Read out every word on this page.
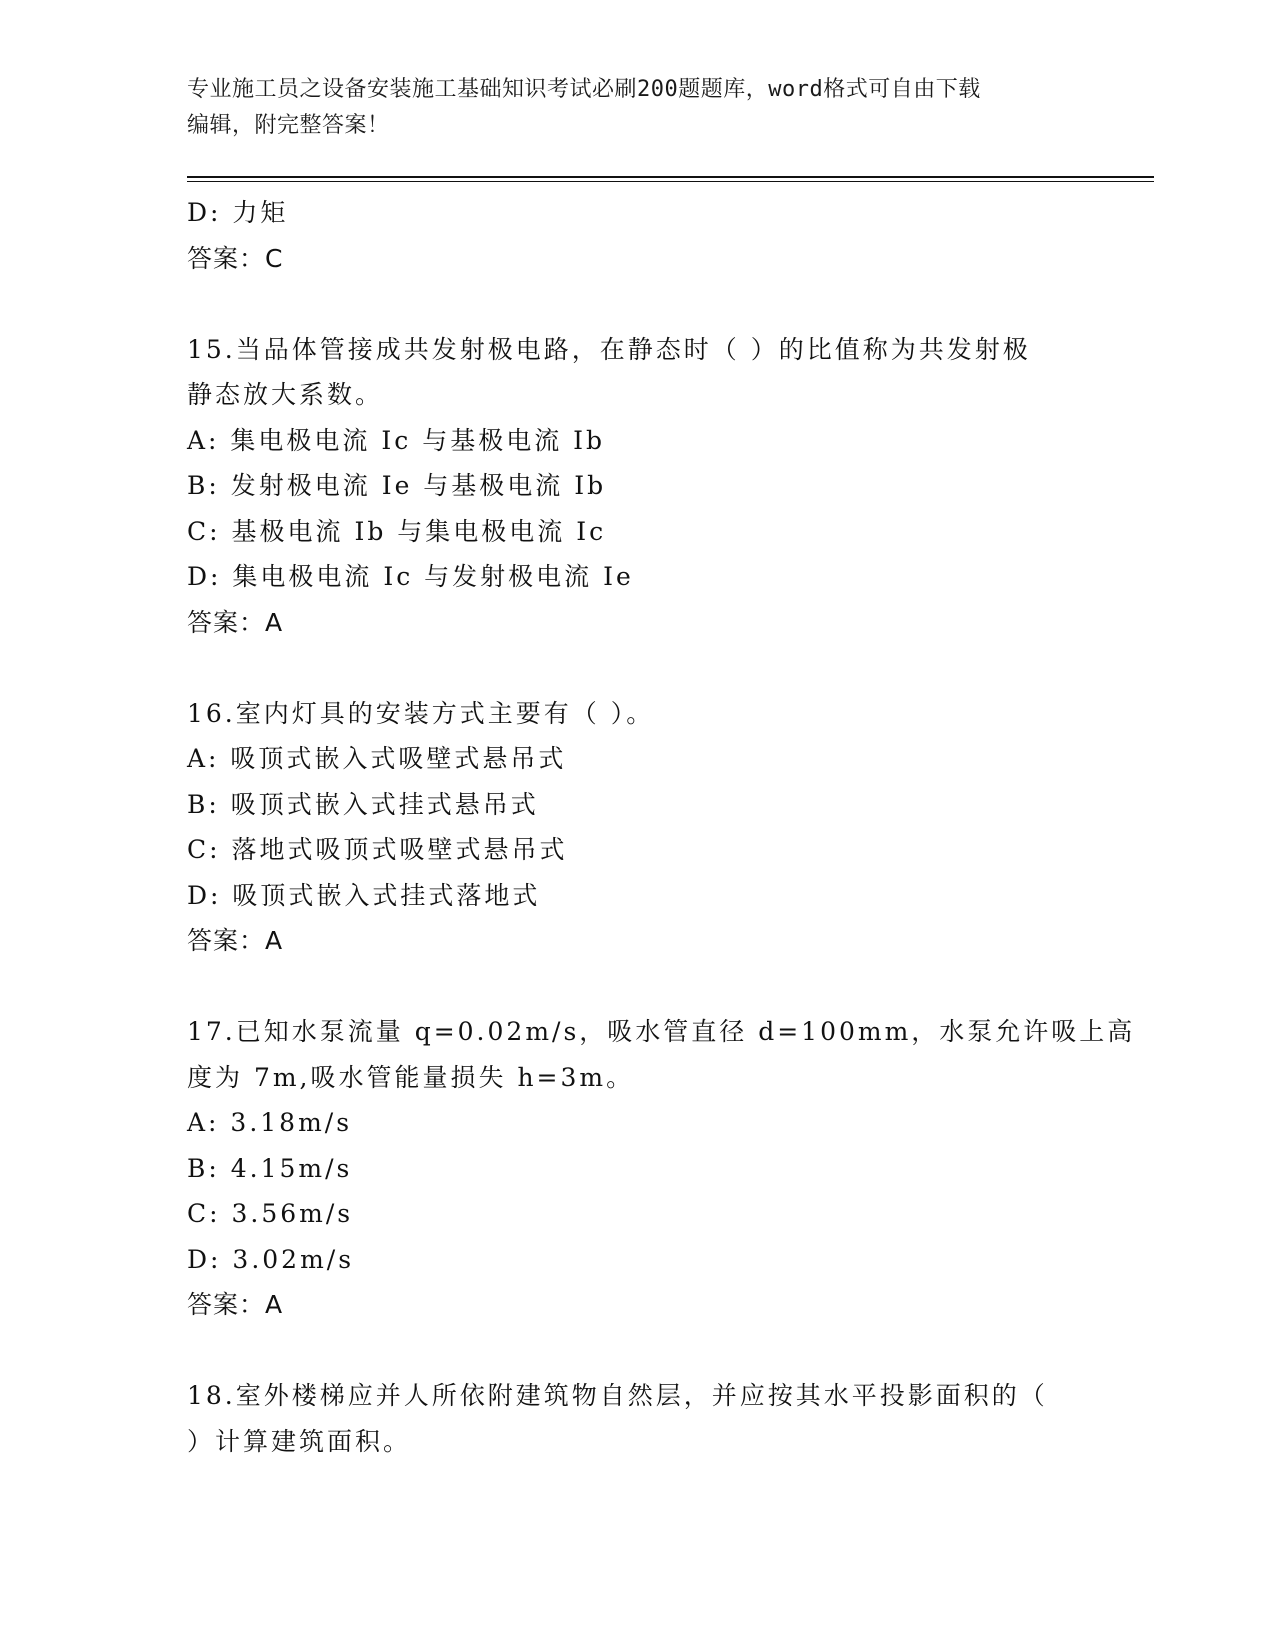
专业施工员之设备安装施工基础知识考试必刷200题题库，word格式可自由下载
编辑，附完整答案！
D: 力矩
答案：C
15.当品体管接成共发射极电路，在静态时（ ）的比值称为共发射极
静态放大系数。
A: 集电极电流 Ic 与基极电流 Ib
B: 发射极电流 Ie 与基极电流 Ib
C: 基极电流 Ib 与集电极电流 Ic
D: 集电极电流 Ic 与发射极电流 Ie
答案：A
16.室内灯具的安装方式主要有（ ）。
A: 吸顶式嵌入式吸壁式悬吊式
B: 吸顶式嵌入式挂式悬吊式
C: 落地式吸顶式吸壁式悬吊式
D: 吸顶式嵌入式挂式落地式
答案：A
17.已知水泵流量 q=0.02m/s，吸水管直径 d=100mm，水泵允许吸上高
度为 7m,吸水管能量损失 h=3m。
A: 3.18m/s
B: 4.15m/s
C: 3.56m/s
D: 3.02m/s
答案：A
18.室外楼梯应并人所依附建筑物自然层，并应按其水平投影面积的（
）计算建筑面积。
